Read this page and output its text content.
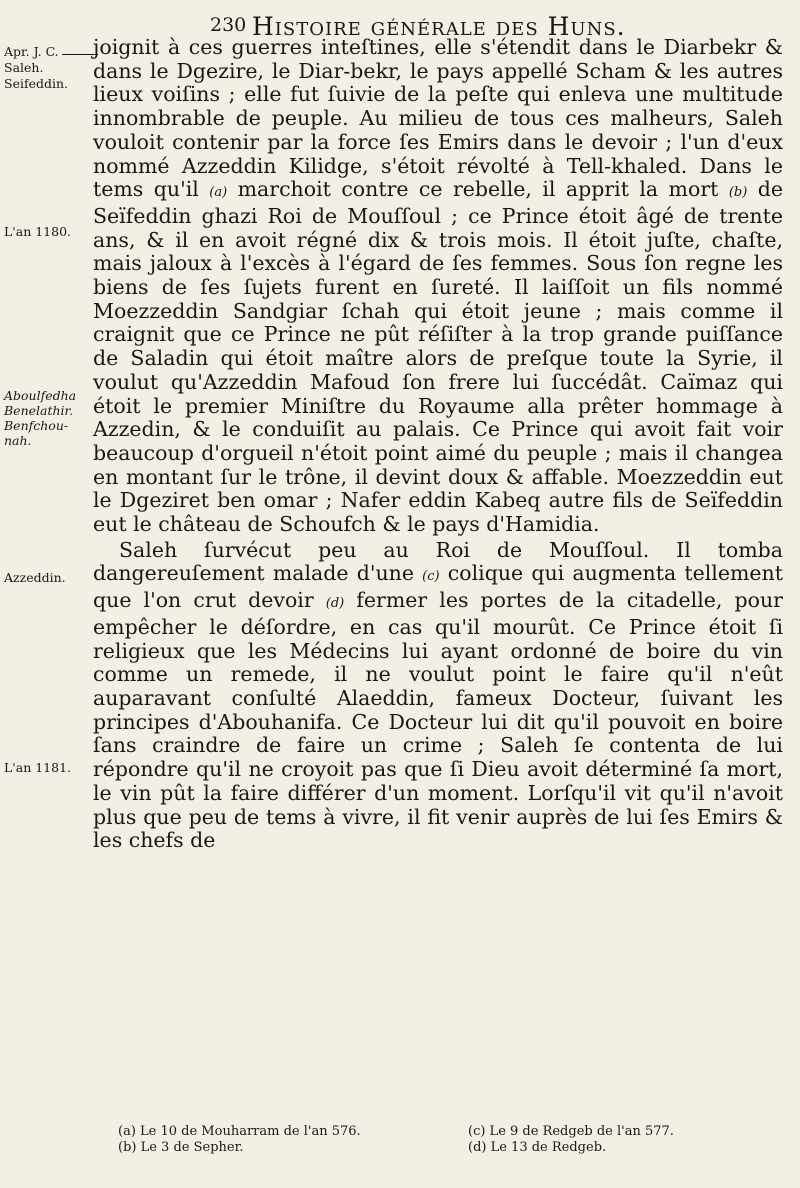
230 Histoire générale des Huns.
Apr. J. C.
Saleh.
Seifeddin.
L'an 1180.
Aboulfedha
Benelathir.
Benfchou-
nah.
Azzeddin.
L'an 1181.

joignit à ces guerres inteſtines, elle s'étendit dans le Diarbekr & dans le Dgezire, le Diar-bekr, le pays appellé Scham & les autres lieux voiſins ; elle fut ſuivie de la peſte qui enleva une multitude innombrable de peuple. Au milieu de tous ces malheurs, Saleh vouloit contenir par la force ſes Emirs dans le devoir ; l'un d'eux nommé Azzeddin Kilidge, s'étoit révolté à Tell-khaled. Dans le tems qu'il (a) marchoit contre ce rebelle, il apprit la mort (b) de Seïfeddin ghazi Roi de Mouſſoul ; ce Prince étoit âgé de trente ans, & il en avoit régné dix & trois mois. Il étoit juſte, chaſte, mais jaloux à l'excès à l'égard de ſes femmes. Sous ſon regne les biens de ſes ſujets furent en ſureté. Il laiſſoit un fils nommé Moezzeddin Sandgiar ſchah qui étoit jeune ; mais comme il craignit que ce Prince ne pût réſiſter à la trop grande puiſſance de Saladin qui étoit maître alors de preſque toute la Syrie, il voulut qu'Azzeddin Mafoud ſon frere lui ſuccédât. Caïmaz qui étoit le premier Miniſtre du Royaume alla prêter hommage à Azzedin, & le conduiſit au palais. Ce Prince qui avoit fait voir beaucoup d'orgueil n'étoit point aimé du peuple ; mais il changea en montant ſur le trône, il devint doux & affable. Moezzeddin eut le Dgeziret ben omar ; Nafer eddin Kabeq autre fils de Seïfeddin eut le château de Schoufch & le pays d'Hamidia.

Saleh ſurvécut peu au Roi de Mouſſoul. Il tomba dangereuſement malade d'une (c) colique qui augmenta tellement que l'on crut devoir (d) fermer les portes de la citadelle, pour empêcher le déſordre, en cas qu'il mourût. Ce Prince étoit ſi religieux que les Médecins lui ayant ordonné de boire du vin comme un remede, il ne voulut point le faire qu'il n'eût auparavant conſulté Alaeddin, fameux Docteur, ſuivant les principes d'Abouhanifa. Ce Docteur lui dit qu'il pouvoit en boire ſans craindre de faire un crime ; Saleh ſe contenta de lui répondre qu'il ne croyoit pas que ſi Dieu avoit déterminé ſa mort, le vin pût la faire différer d'un moment. Lorſqu'il vit qu'il n'avoit plus que peu de tems à vivre, il fit venir auprès de lui ſes Emirs & les chefs de

(a) Le 10 de Mouharram de l'an 576.
(b) Le 3 de Sepher.
(c) Le 9 de Redgeb de l'an 577.
(d) Le 13 de Redgeb.
